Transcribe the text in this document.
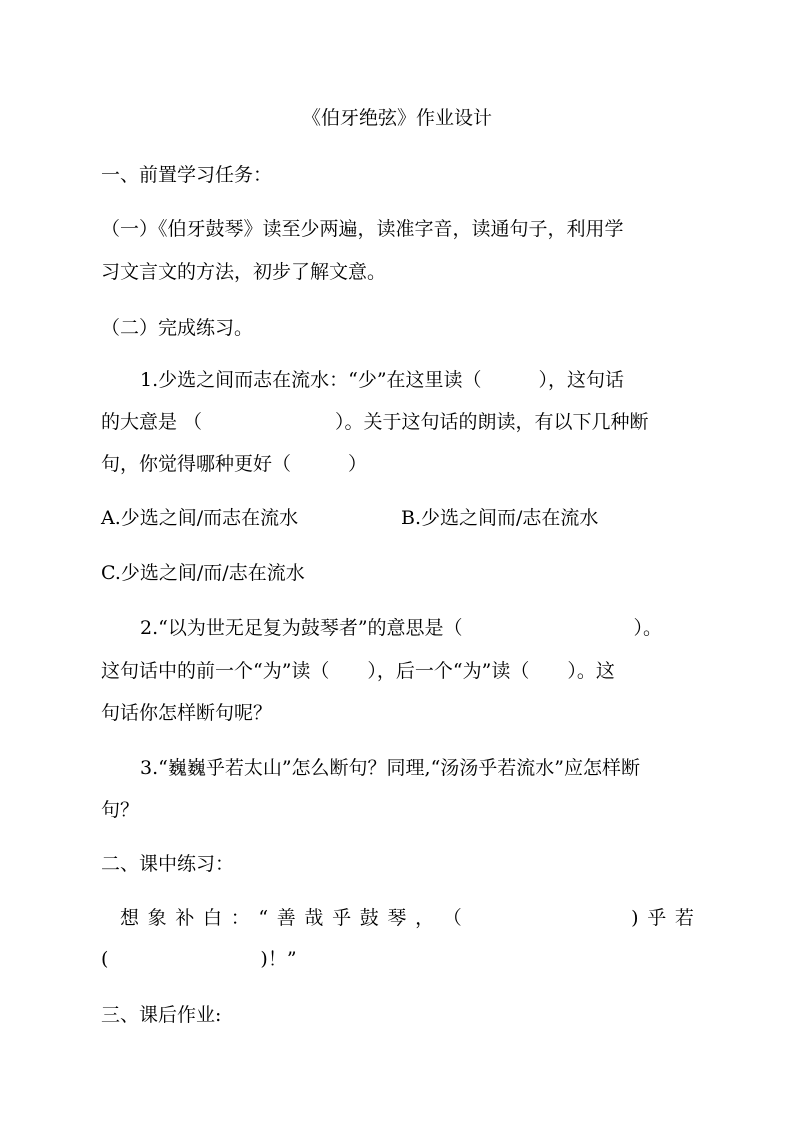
《伯牙绝弦》作业设计
一、前置学习任务：
（一）《伯牙鼓琴》读至少两遍，读准字音，读通句子，利用学
习文言文的方法，初步了解文意。
（二）完成练习。
1.少选之间而志在流水：“少”在这里读（　　　），这句话
的大意是 （　　　　　　　）。关于这句话的朗读，有以下几种断
句，你觉得哪种更好（　　　）
A.少选之间/而志在流水	B.少选之间而/志在流水
C.少选之间/而/志在流水
2.“以为世无足复为鼓琴者”的意思是（　　　　　　　　　）。
这句话中的前一个“为”读（　　），后一个“为”读（　　）。这
句话你怎样断句呢？
3.“巍巍乎若太山”怎么断句？同理,“汤汤乎若流水”应怎样断
句？
二、课中练习：
想 象 补 白 ： “ 善 哉 乎 鼓 琴 ， （
　　　　　　　　	) 乎 若
(　　　　　　　　)！”
三、课后作业:
